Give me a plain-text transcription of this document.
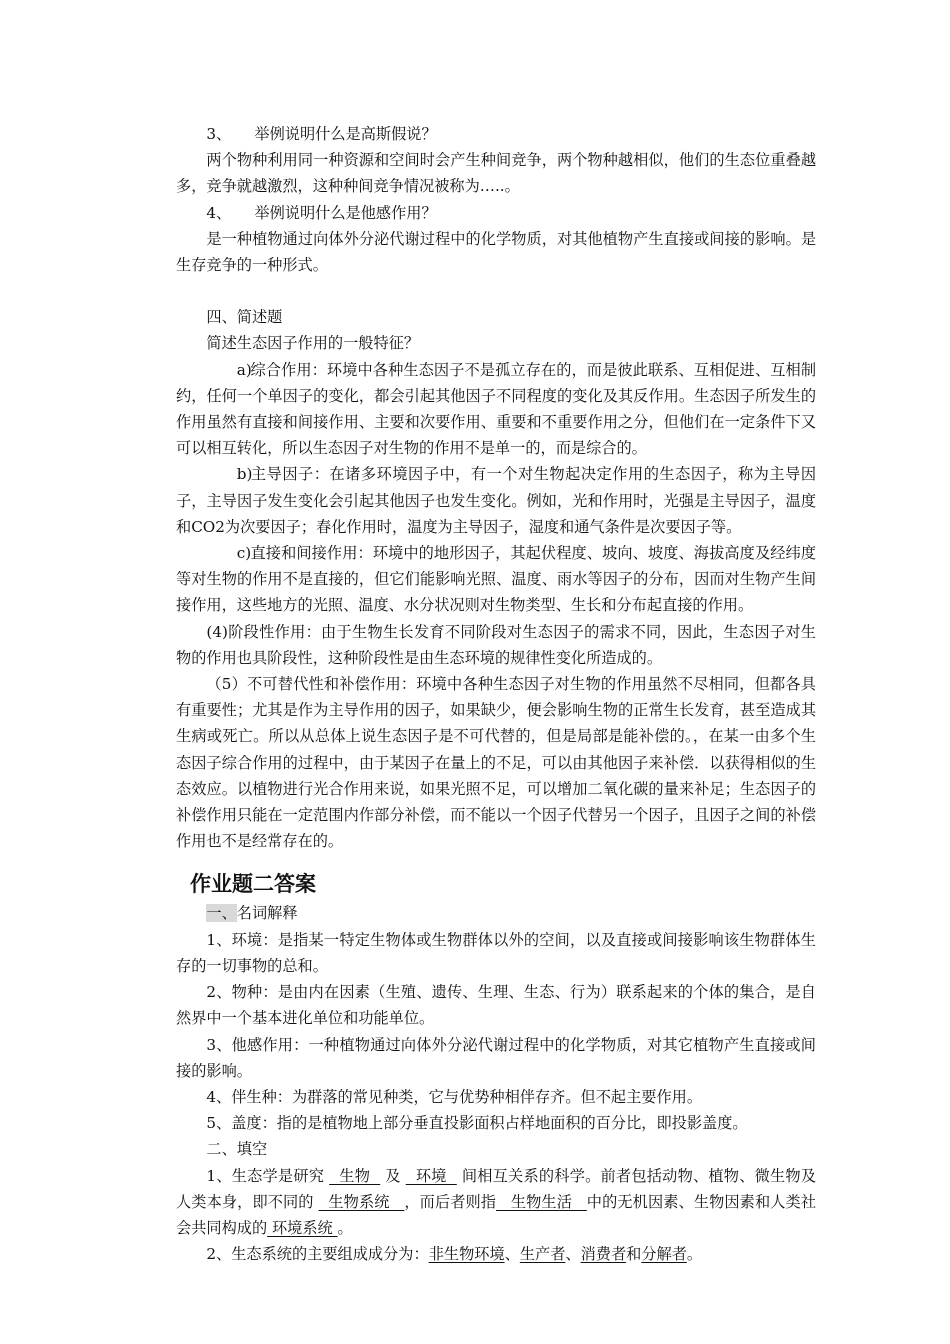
3、 举例说明什么是高斯假说？

两个物种利用同一种资源和空间时会产生种间竞争，两个物种越相似，他们的生态位重叠越多，竞争就越激烈，这种种间竞争情况被称为…..。

4、 举例说明什么是他感作用？

是一种植物通过向体外分泌代谢过程中的化学物质，对其他植物产生直接或间接的影响。是生存竞争的一种形式。

四、简述题

简述生态因子作用的一般特征？

a)综合作用：环境中各种生态因子不是孤立存在的，而是彼此联系、互相促进、互相制约，任何一个单因子的变化，都会引起其他因子不同程度的变化及其反作用。生态因子所发生的作用虽然有直接和间接作用、主要和次要作用、重要和不重要作用之分，但他们在一定条件下又可以相互转化，所以生态因子对生物的作用不是单一的，而是综合的。

b)主导因子：在诸多环境因子中，有一个对生物起决定作用的生态因子，称为主导因子，主导因子发生变化会引起其他因子也发生变化。例如，光和作用时，光强是主导因子，温度和CO2为次要因子；春化作用时，温度为主导因子，湿度和通气条件是次要因子等。

c)直接和间接作用：环境中的地形因子，其起伏程度、坡向、坡度、海拔高度及经纬度等对生物的作用不是直接的，但它们能影响光照、温度、雨水等因子的分布，因而对生物产生间接作用，这些地方的光照、温度、水分状况则对生物类型、生长和分布起直接的作用。

(4)阶段性作用：由于生物生长发育不同阶段对生态因子的需求不同，因此，生态因子对生物的作用也具阶段性，这种阶段性是由生态环境的规律性变化所造成的。

（5）不可替代性和补偿作用：环境中各种生态因子对生物的作用虽然不尽相同，但都各具有重要性；尤其是作为主导作用的因子，如果缺少，便会影响生物的正常生长发育，甚至造成其生病或死亡。所以从总体上说生态因子是不可代替的，但是局部是能补偿的。，在某一由多个生态因子综合作用的过程中，由于某因子在量上的不足，可以由其他因子来补偿．以获得相似的生态效应。以植物进行光合作用来说，如果光照不足，可以增加二氧化碳的量来补足；生态因子的补偿作用只能在一定范围内作部分补偿，而不能以一个因子代替另一个因子，且因子之间的补偿作用也不是经常存在的。

作业题二答案

一、名词解释

1、环境：是指某一特定生物体或生物群体以外的空间，以及直接或间接影响该生物群体生存的一切事物的总和。

2、物种：是由内在因素（生殖、遗传、生理、生态、行为）联系起来的个体的集合，是自然界中一个基本进化单位和功能单位。

3、他感作用：一种植物通过向体外分泌代谢过程中的化学物质，对其它植物产生直接或间接的影响。

4、伴生种：为群落的常见种类，它与优势种相伴存齐。但不起主要作用。

5、盖度：指的是植物地上部分垂直投影面积占样地面积的百分比，即投影盖度。

二、填空

1、生态学是研究   生物   及   环境   间相互关系的科学。前者包括动物、植物、微生物及人类本身，即不同的   生物系统   ，而后者则指   生物生活   中的无机因素、生物因素和人类社会共同构成的 环境系统 。

2、生态系统的主要组成成分为：非生物环境、生产者、消费者和分解者。
